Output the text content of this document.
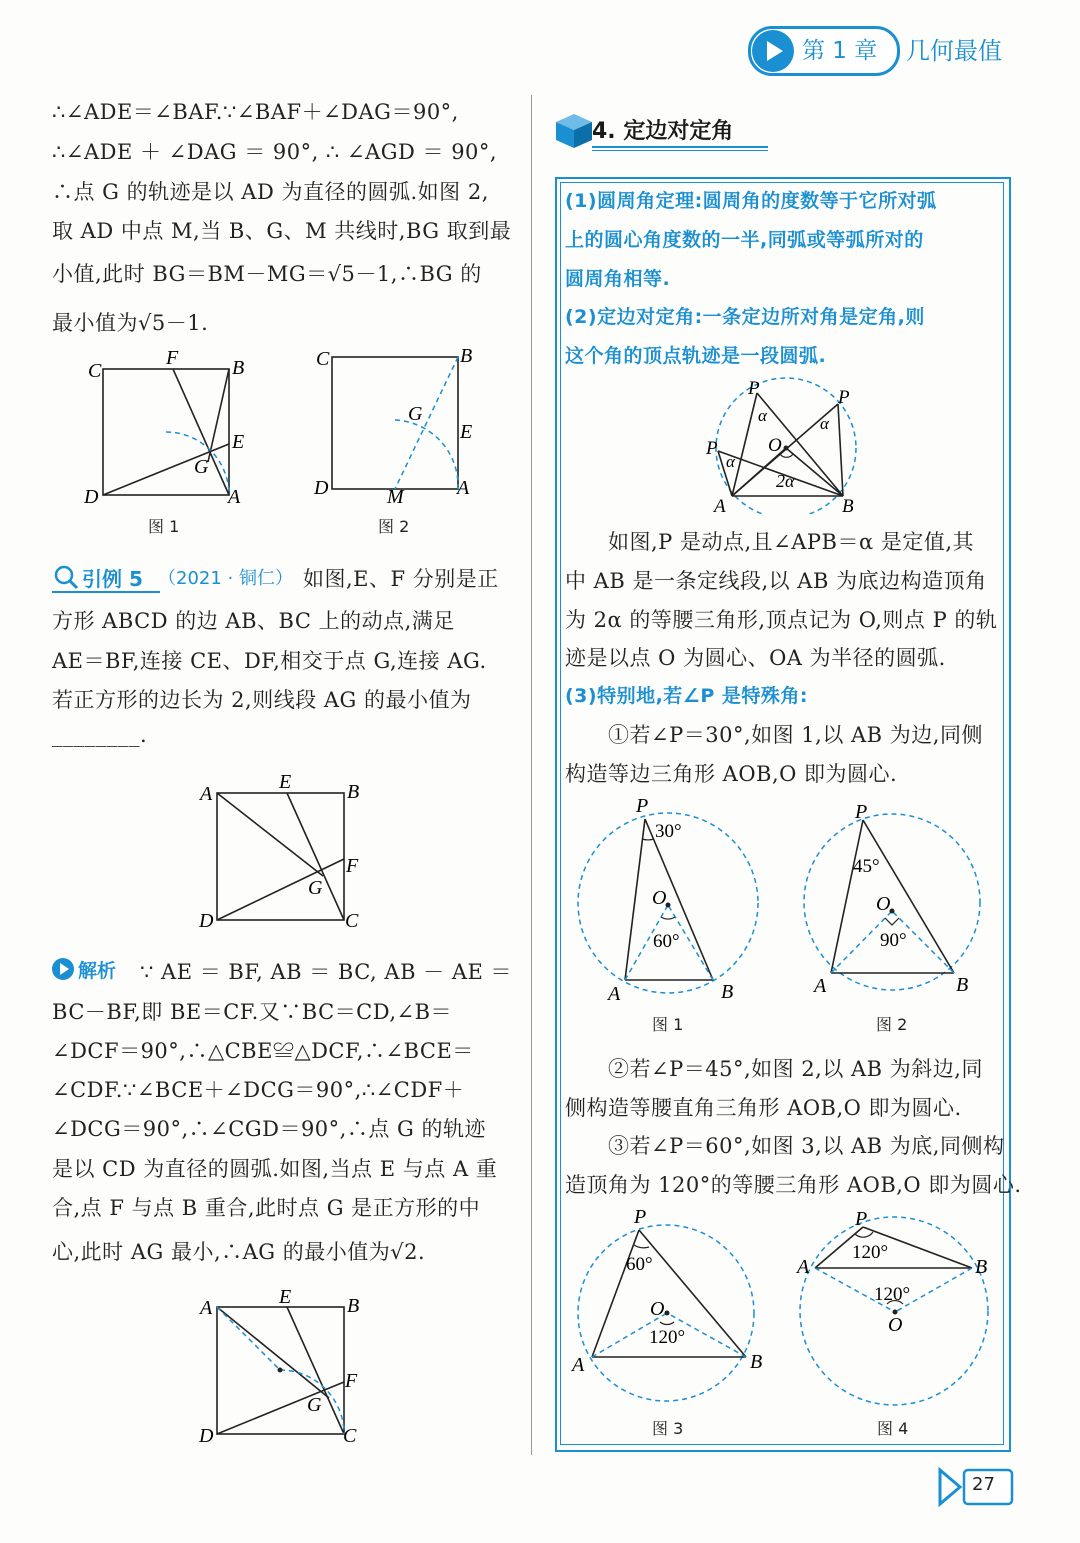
第 1 章 几何最值
∴∠ADE＝∠BAF.∵∠BAF＋∠DAG＝90°,
∴∠ADE ＋ ∠DAG ＝ 90°, ∴ ∠AGD ＝ 90°,
∴点 G 的轨迹是以 AD 为直径的圆弧.如图 2,
取 AD 中点 M,当 B、G、M 共线时,BG 取到最
小值,此时 BG＝BM－MG＝√5－1,∴BG 的
最小值为√5－1.
C
F	B
E
G
D	A
C	B
E
G
D	M	A
图 1	图 2
引例 5 （2021 · 铜仁） 如图,E、F 分别是正
方形 ABCD 的边 AB、BC 上的动点,满足
AE＝BF,连接 CE、DF,相交于点 G,连接 AG.
若正方形的边长为 2,则线段 AG 的最小值为
________.
A
E	B
F
G
D	C
解析 ∵ AE ＝ BF, AB ＝ BC, AB － AE ＝
BC－BF,即 BE＝CF.又∵BC＝CD,∠B＝
∠DCF＝90°,∴△CBE≌△DCF,∴∠BCE＝
∠CDF.∵∠BCE＋∠DCG＝90°,∴∠CDF＋
∠DCG＝90°,∴∠CGD＝90°,∴点 G 的轨迹
是以 CD 为直径的圆弧.如图,当点 E 与点 A 重
合,点 F 与点 B 重合,此时点 G 是正方形的中
心,此时 AG 最小,∴AG 的最小值为√2.
A	E	B
F
G
D	C
4. 定边对定角
(1)圆周角定理:圆周角的度数等于它所对弧
上的圆心角度数的一半,同弧或等弧所对的
圆周角相等.
(2)定边对定角:一条定边所对角是定角,则
这个角的顶点轨迹是一段圆弧.
P	P
P	O
α	α
α
2α
A	B
如图,P 是动点,且∠APB＝α 是定值,其
中 AB 是一条定线段,以 AB 为底边构造顶角
为 2α 的等腰三角形,顶点记为 O,则点 P 的轨
迹是以点 O 为圆心、OA 为半径的圆弧.
(3)特别地,若∠P 是特殊角:
①若∠P＝30°,如图 1,以 AB 为边,同侧
构造等边三角形 AOB,O 即为圆心.
P
O
A	B
30°
60°
P
O
A	B
45°
90°
图 1	图 2
②若∠P＝45°,如图 2,以 AB 为斜边,同
侧构造等腰直角三角形 AOB,O 即为圆心.
③若∠P＝60°,如图 3,以 AB 为底,同侧构
造顶角为 120°的等腰三角形 AOB,O 即为圆心.
P
O
A	B
60°
120°
P
O
A	B
120°
120°
图 3	图 4
27
